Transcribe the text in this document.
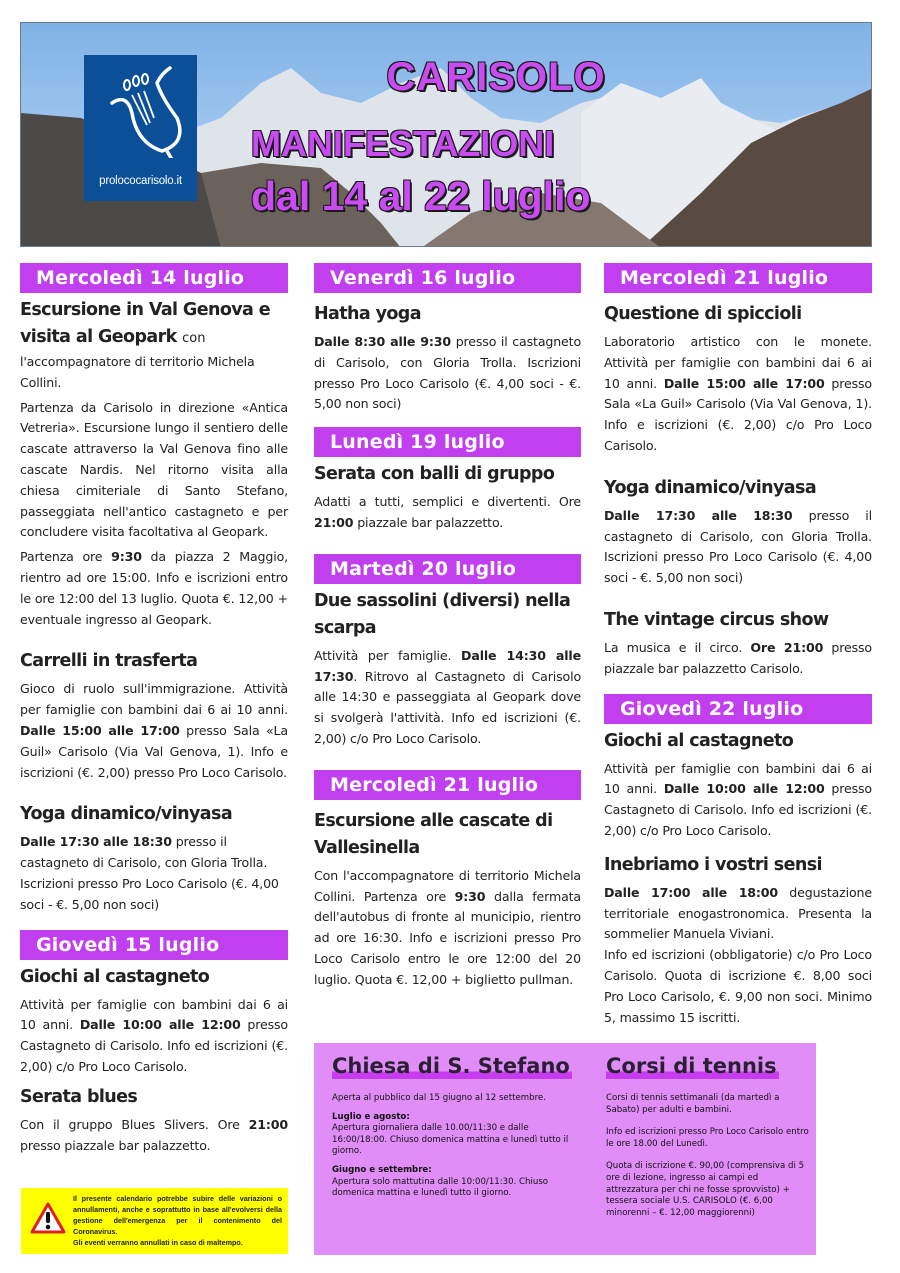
prolococarisolo.it
CARISOLO
MANIFESTAZIONI
dal 14 al 22 luglio
Mercoledì 14 luglio
Escursione in Val Genova e visita al Geopark con
l'accompagnatore di territorio Michela Collini.
Partenza da Carisolo in direzione «Antica Vetreria». Escursione lungo il sentiero delle cascate attraverso la Val Genova fino alle cascate Nardis. Nel ritorno visita alla chiesa cimiteriale di Santo Stefano, passeggiata nell'antico castagneto e per concludere visita facoltativa al Geopark.
Partenza ore 9:30 da piazza 2 Maggio, rientro ad ore 15:00. Info e iscrizioni entro le ore 12:00 del 13 luglio. Quota €. 12,00 + eventuale ingresso al Geopark.
Carrelli in trasferta
Gioco di ruolo sull'immigrazione. Attività per famiglie con bambini dai 6 ai 10 anni. Dalle 15:00 alle 17:00 presso Sala «La Guil» Carisolo (Via Val Genova, 1). Info e iscrizioni (€. 2,00) presso Pro Loco Carisolo.
Yoga dinamico/vinyasa
Dalle 17:30 alle 18:30 presso il castagneto di Carisolo, con Gloria Trolla. Iscrizioni presso Pro Loco Carisolo (€. 4,00 soci - €. 5,00 non soci)
Giovedì 15 luglio
Giochi al castagneto
Attività per famiglie con bambini dai 6 ai 10 anni. Dalle 10:00 alle 12:00 presso Castagneto di Carisolo. Info ed iscrizioni (€. 2,00) c/o Pro Loco Carisolo.
Serata blues
Con il gruppo Blues Slivers. Ore 21:00 presso piazzale bar palazzetto.
Venerdì 16 luglio
Hatha yoga
Dalle 8:30 alle 9:30 presso il castagneto di Carisolo, con Gloria Trolla. Iscrizioni presso Pro Loco Carisolo (€. 4,00 soci - €. 5,00 non soci)
Lunedì 19 luglio
Serata con balli di gruppo
Adatti a tutti, semplici e divertenti. Ore 21:00 piazzale bar palazzetto.
Martedì 20 luglio
Due sassolini (diversi) nella scarpa
Attività per famiglie. Dalle 14:30 alle 17:30. Ritrovo al Castagneto di Carisolo alle 14:30 e passeggiata al Geopark dove si svolgerà l'attività. Info ed iscrizioni (€. 2,00) c/o Pro Loco Carisolo.
Mercoledì 21 luglio
Escursione alle cascate di Vallesinella
Con l'accompagnatore di territorio Michela Collini. Partenza ore 9:30 dalla fermata dell'autobus di fronte al municipio, rientro ad ore 16:30. Info e iscrizioni presso Pro Loco Carisolo entro le ore 12:00 del 20 luglio. Quota €. 12,00 + biglietto pullman.
Mercoledì 21 luglio
Questione di spiccioli
Laboratorio artistico con le monete. Attività per famiglie con bambini dai 6 ai 10 anni. Dalle 15:00 alle 17:00 presso Sala «La Guil» Carisolo (Via Val Genova, 1). Info e iscrizioni (€. 2,00) c/o Pro Loco Carisolo.
Yoga dinamico/vinyasa
Dalle 17:30 alle 18:30 presso il castagneto di Carisolo, con Gloria Trolla. Iscrizioni presso Pro Loco Carisolo (€. 4,00 soci - €. 5,00 non soci)
The vintage circus show
La musica e il circo. Ore 21:00 presso piazzale bar palazzetto Carisolo.
Giovedì 22 luglio
Giochi al castagneto
Attività per famiglie con bambini dai 6 ai 10 anni. Dalle 10:00 alle 12:00 presso Castagneto di Carisolo. Info ed iscrizioni (€. 2,00) c/o Pro Loco Carisolo.
Inebriamo i vostri sensi
Dalle 17:00 alle 18:00 degustazione territoriale enogastronomica. Presenta la sommelier Manuela Viviani.
Info ed iscrizioni (obbligatorie) c/o Pro Loco Carisolo. Quota di iscrizione €. 8,00 soci Pro Loco Carisolo, €. 9,00 non soci. Minimo 5, massimo 15 iscritti.

Il presente calendario potrebbe subire delle variazioni o annullamenti, anche e soprattutto in base all'evolversi della gestione dell'emergenza per il contenimento del Coronavirus.

Gli eventi verranno annullati in caso di maltempo.

Chiesa di S. Stefano

Aperta al pubblico dal 15 giugno al 12 settembre.

Luglio e agosto:
Apertura giornaliera dalle 10.00/11:30 e dalle 16:00/18:00. Chiuso domenica mattina e lunedì tutto il giorno.

Giugno e settembre:
Apertura solo mattutina dalle 10:00/11:30. Chiuso domenica mattina e lunedì tutto il giorno.

Corsi di tennis

Corsi di tennis settimanali (da martedì a Sabato) per adulti e bambini.

Info ed iscrizioni presso Pro Loco Carisolo entro le ore 18.00 del Lunedì.

Quota di iscrizione €. 90,00 (comprensiva di 5 ore di lezione, ingresso ai campi ed attrezzatura per chi ne fosse sprovvisto) + tessera sociale U.S. CARISOLO (€. 6,00 minorenni – €. 12,00 maggiorenni)
